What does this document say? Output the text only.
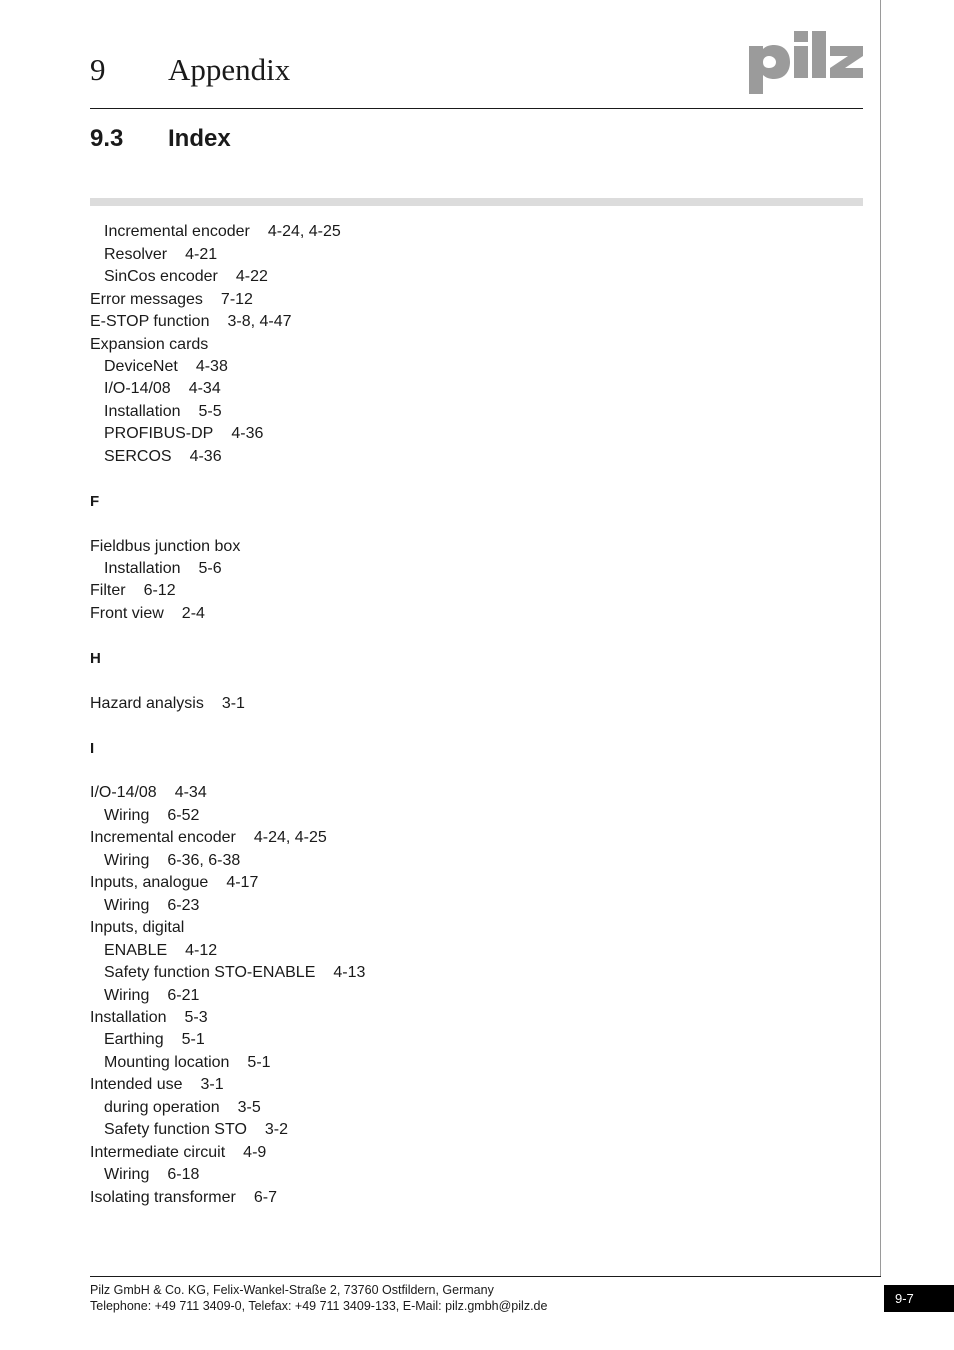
9 Appendix
9.3 Index
Incremental encoder 4-24, 4-25
Resolver 4-21
SinCos encoder 4-22
Error messages 7-12
E-STOP function 3-8, 4-47
Expansion cards
DeviceNet 4-38
I/O-14/08 4-34
Installation 5-5
PROFIBUS-DP 4-36
SERCOS 4-36
F
Fieldbus junction box
Installation 5-6
Filter 6-12
Front view 2-4
H
Hazard analysis 3-1
I
I/O-14/08 4-34
Wiring 6-52
Incremental encoder 4-24, 4-25
Wiring 6-36, 6-38
Inputs, analogue 4-17
Wiring 6-23
Inputs, digital
ENABLE 4-12
Safety function STO-ENABLE 4-13
Wiring 6-21
Installation 5-3
Earthing 5-1
Mounting location 5-1
Intended use 3-1
during operation 3-5
Safety function STO 3-2
Intermediate circuit 4-9
Wiring 6-18
Isolating transformer 6-7
Pilz GmbH & Co. KG, Felix-Wankel-Straße 2, 73760 Ostfildern, Germany
Telephone: +49 711 3409-0, Telefax: +49 711 3409-133, E-Mail: pilz.gmbh@pilz.de	9-7
